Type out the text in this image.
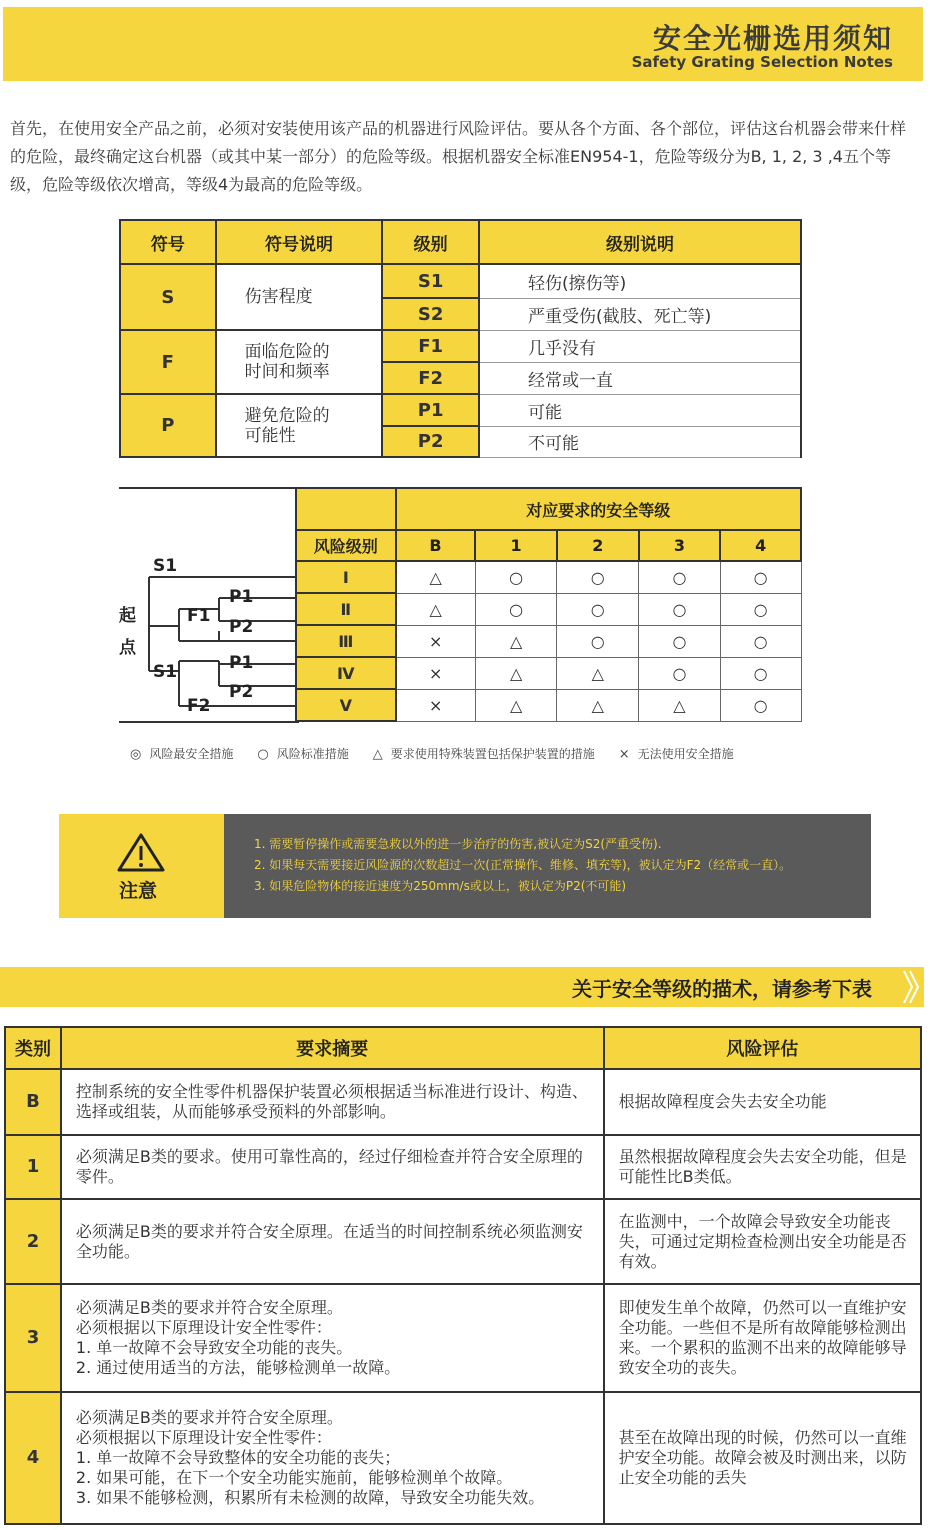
安全光栅选用须知
Safety Grating Selection Notes

首先，在使用安全产品之前，必须对安装使用该产品的机器进行风险评估。要从各个方面、各个部位，评估这台机器会带来什样的危险，最终确定这台机器（或其中某一部分）的危险等级。根据机器安全标准EN954-1，危险等级分为B, 1, 2, 3 ,4五个等级，危险等级依次增高，等级4为最高的危险等级。

符号	符号说明	级别	级别说明
S	伤害程度	S1	轻伤(擦伤等)
		S2	严重受伤(截肢、死亡等)
F	面临危险的时间和频率	F1	几乎没有
		F2	经常或一直
P	避免危险的可能性	P1	可能
		P2	不可能
S1
F1
P1
P2
S1	P1
P2
F2
起点
	对应要求的安全等级				
风险级别	B	1	2	3	4
Ⅰ	△	○	○	○	○
Ⅱ	△	○	○	○	○
Ⅲ	×	△	○	○	○
Ⅳ	×	△	△	○	○
Ⅴ	×	△	△	△	○
◎ 风险最安全措施 ○ 风险标准措施 △ 要求使用特殊装置包括保护装置的措施 × 无法使用安全措施
注意
1. 需要暂停操作或需要急救以外的进一步治疗的伤害,被认定为S2(严重受伤).
2. 如果每天需要接近风险源的次数超过一次(正常操作、维修、填充等)，被认定为F2（经常或一直）。
3. 如果危险物体的接近速度为250mm/s或以上，被认定为P2(不可能)
关于安全等级的描术，请参考下表
类别	要求摘要	风险评估
B	控制系统的安全性零件机器保护装置必须根据适当标准进行设计、构造、选择或组装，从而能够承受预料的外部影响。	根据故障程度会失去安全功能
1	必须满足B类的要求。使用可靠性高的，经过仔细检查并符合安全原理的零件。	虽然根据故障程度会失去安全功能，但是可能性比B类低。
2	必须满足B类的要求并符合安全原理。在适当的时间控制系统必须监测安全功能。	在监测中，一个故障会导致安全功能丧失，可通过定期检查检测出安全功能是否有效。
3	必须满足B类的要求并符合安全原理。
必须根据以下原理设计安全性零件：
1. 单一故障不会导致安全功能的丧失。
2. 通过使用适当的方法，能够检测单一故障。	即使发生单个故障，仍然可以一直维护安全功能。一些但不是所有故障能够检测出来。一个累积的监测不出来的故障能够导致安全功的丧失。
4	必须满足B类的要求并符合安全原理。
必须根据以下原理设计安全性零件：
1. 单一故障不会导致整体的安全功能的丧失；
2. 如果可能，在下一个安全功能实施前，能够检测单个故障。
3. 如果不能够检测，积累所有未检测的故障，导致安全功能失效。	甚至在故障出现的时候，仍然可以一直维护安全功能。故障会被及时测出来，以防止安全功能的丢失
